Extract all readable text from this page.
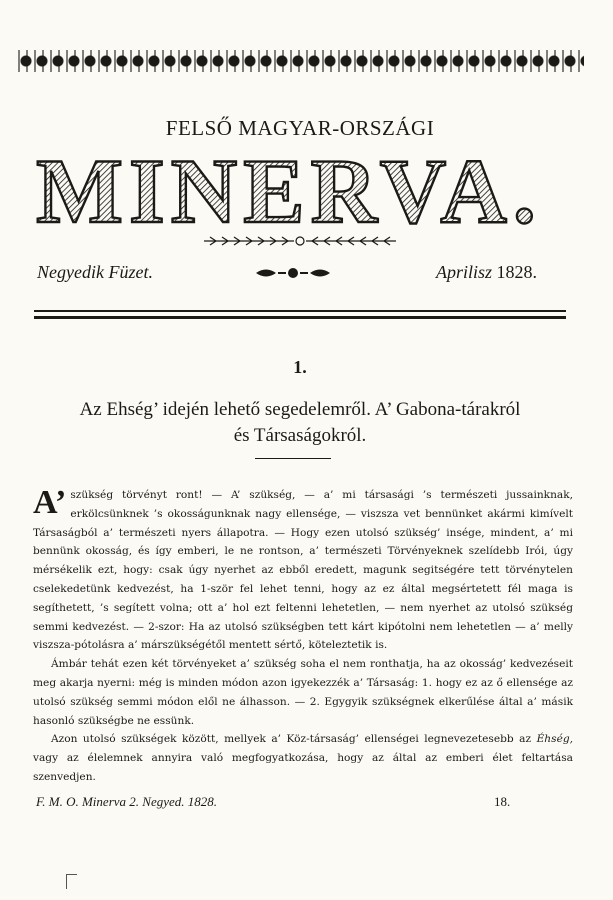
FELSŐ MAGYAR-ORSZÁGI
MINERVA.
Negyedik Füzet.	Aprilisz 1828.
1.
Az Ehség’ idején lehető segedelemről. A’ Gabona-tárakról
és Társaságokról.

A’ szükség törvényt ront! — A’ szükség, — a’ mi társasági ’s természeti jussainknak, erkölcsünknek ’s okosságunknak nagy ellensége, — viszsza vet bennünket akármi kimívelt Társaságból a’ természeti nyers állapotra. — Hogy ezen utolsó szükség’ insége, mindent, a’ mi bennünk okosság, és így emberi, le ne rontson, a’ természeti Törvényeknek szelídebb Irói, úgy mérsékelik ezt, hogy: csak úgy nyerhet az ebből eredett, magunk segitségére tett törvénytelen cselekedetünk kedvezést, ha 1-ször fel lehet tenni, hogy az ez által megsértetett fél maga is segíthetett, ’s segített volna; ott a’ hol ezt feltenni lehetetlen, — nem nyerhet az utolsó szükség semmi kedvezést. — 2-szor: Ha az utolsó szükségben tett kárt kipótolni nem lehetetlen — a’ melly viszsza-pótolásra a’ márszükségétől mentett sértő, köteleztetik is.

Ámbár tehát ezen két törvényeket a’ szükség soha el nem ronthatja, ha az okosság’ kedvezéseit meg akarja nyerni: még is minden módon azon igyekezzék a’ Társaság: 1. hogy ez az ő ellensége az utolsó szükség semmi módon elől ne álhasson. — 2. Egygyik szükségnek elkerűlése által a’ másik hasonló szükségbe ne essünk.

Azon utolsó szükségek között, mellyek a’ Köz-társaság’ ellenségei legnevezetesebb az Éhség, vagy az élelemnek annyira való megfogyatkozása, hogy az által az emberi élet feltartása szenvedjen.

F. M. O. Minerva 2. Negyed. 1828.	18.
